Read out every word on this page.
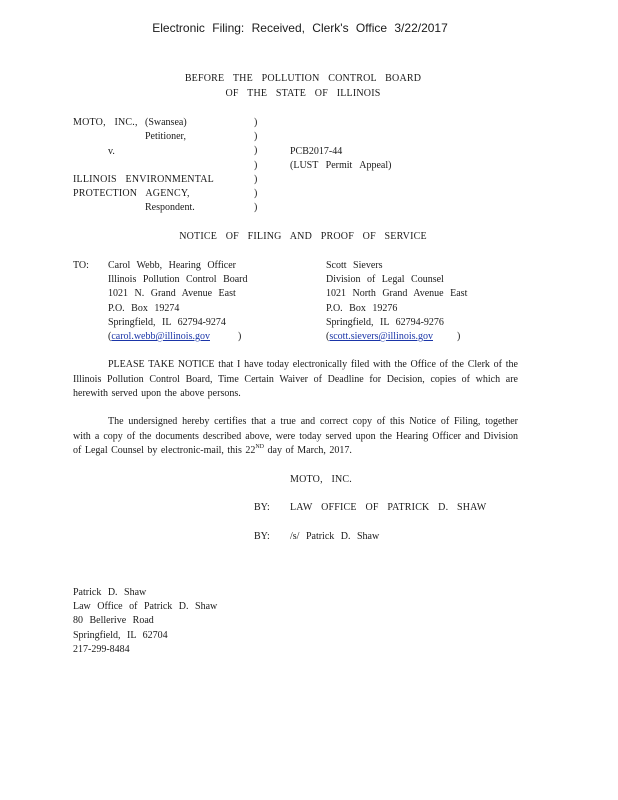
Electronic Filing: Received, Clerk's Office 3/22/2017
BEFORE THE POLLUTION CONTROL BOARD
OF THE STATE OF ILLINOIS
MOTO, INC., (Swansea)
Petitioner,
v.
ILLINOIS ENVIRONMENTAL
PROTECTION AGENCY,
Respondent.
)
)
)
)
)
)
)
PCB2017-44
(LUST Permit Appeal)
NOTICE OF FILING AND PROOF OF SERVICE
TO: Carol Webb, Hearing Officer
Illinois Pollution Control Board
1021 N. Grand Avenue East
P.O. Box 19274
Springfield, IL 62794-9274
(carol.webb@illinois.gov	)
Scott Sievers
Division of Legal Counsel
1021 North Grand Avenue East
P.O. Box 19276
Springfield, IL 62794-9276
(scott.sievers@illinois.gov )
PLEASE TAKE NOTICE that I have today electronically filed with the Office of the Clerk of the Illinois Pollution Control Board, Time Certain Waiver of Deadline for Decision, copies of which are herewith served upon the above persons.
The undersigned hereby certifies that a true and correct copy of this Notice of Filing, together with a copy of the documents described above, were today served upon the Hearing Officer and Division of Legal Counsel by electronic-mail, this 22ND day of March, 2017.
MOTO, INC.
BY: LAW OFFICE OF PATRICK D. SHAW
BY: /s/ Patrick D. Shaw
Patrick D. Shaw
Law Office of Patrick D. Shaw
80 Bellerive Road
Springfield, IL 62704
217-299-8484
